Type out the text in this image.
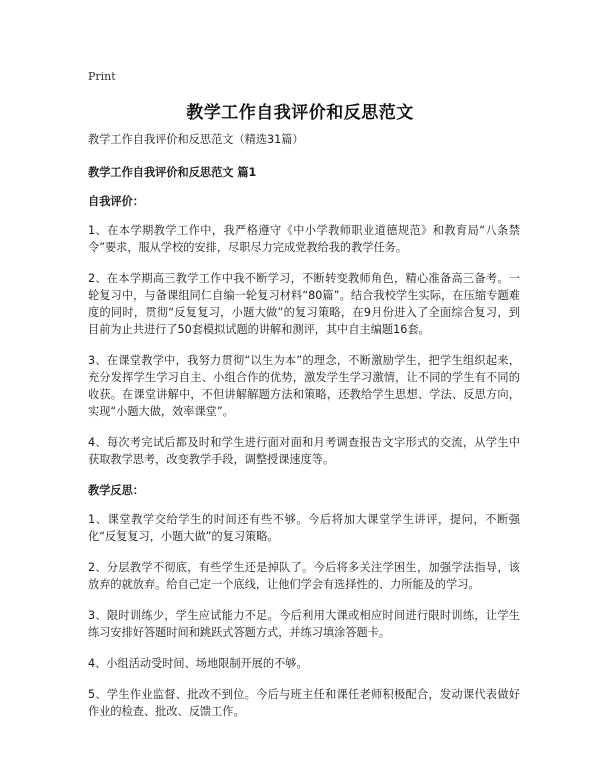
Print
教学工作自我评价和反思范文

教学工作自我评价和反思范文（精选31篇）

教学工作自我评价和反思范文 篇1

自我评价：

1、在本学期教学工作中，我严格遵守《中小学教师职业道德规范》和教育局“八条禁令”要求，服从学校的安排，尽职尽力完成党教给我的教学任务。

2、在本学期高三教学工作中我不断学习，不断转变教师角色，精心准备高三备考。一轮复习中，与备课组同仁自编一轮复习材料“80篇”。结合我校学生实际，在压缩专题难度的同时，贯彻“反复复习，小题大做”的复习策略，在9月份进入了全面综合复习，到目前为止共进行了50套模拟试题的讲解和测评，其中自主编题16套。

3、在课堂教学中，我努力贯彻“以生为本”的理念，不断激励学生，把学生组织起来，充分发挥学生学习自主、小组合作的优势，激发学生学习激情，让不同的学生有不同的收获。在课堂讲解中，不但讲解解题方法和策略，还教给学生思想、学法、反思方向，实现“小题大做，效率课堂”。

4、每次考完试后都及时和学生进行面对面和月考调查报告文字形式的交流，从学生中获取教学思考，改变教学手段，调整授课速度等。

教学反思：

1、课堂教学交给学生的时间还有些不够。今后将加大课堂学生讲评，提问，不断强化“反复复习，小题大做”的复习策略。

2、分层教学不彻底，有些学生还是掉队了。今后将多关注学困生，加强学法指导，该放弃的就放弃。给自己定一个底线，让他们学会有选择性的、力所能及的学习。

3、限时训练少，学生应试能力不足。今后利用大课或相应时间进行限时训练，让学生练习安排好答题时间和跳跃式答题方式，并练习填涂答题卡。

4、小组活动受时间、场地限制开展的不够。

5、学生作业监督、批改不到位。今后与班主任和课任老师积极配合，发动课代表做好作业的检查、批改、反馈工作。
